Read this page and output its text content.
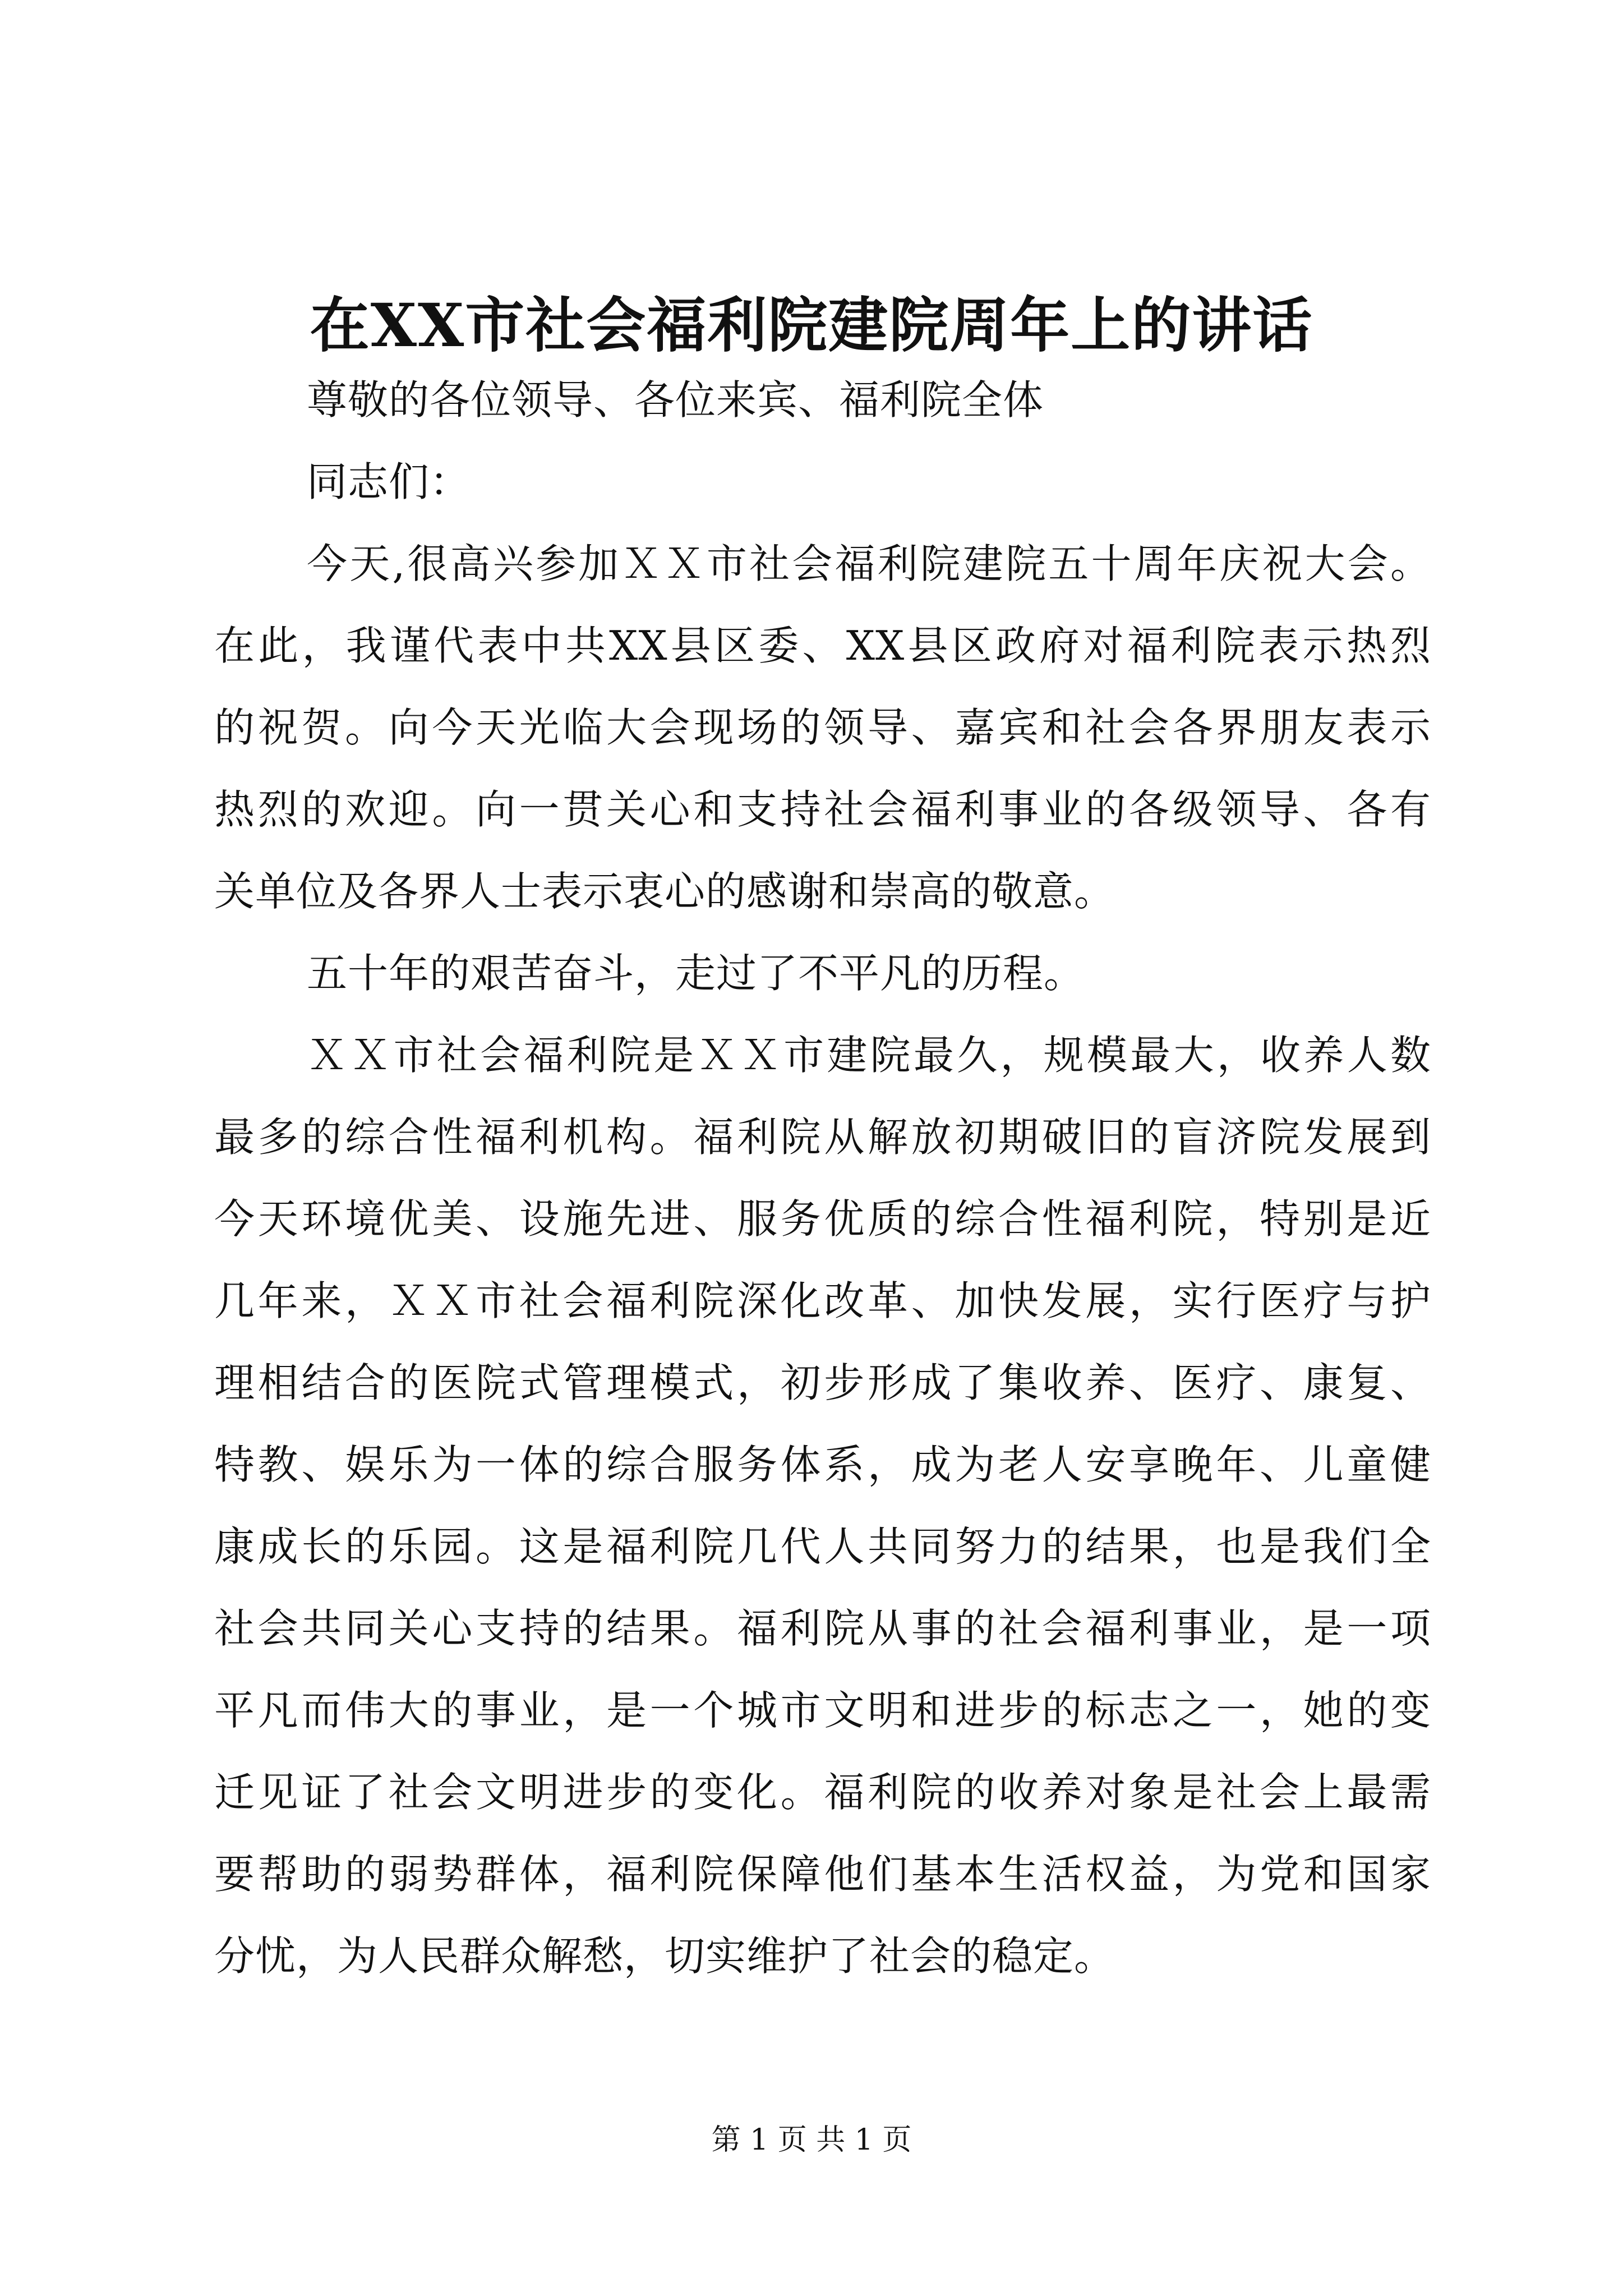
在XX市社会福利院建院周年上的讲话
尊敬的各位领导、各位来宾、福利院全体
同志们：
今天,很高兴参加ＸＸ市社会福利院建院五十周年庆祝大会。
在此，我谨代表中共XX县区委、XX县区政府对福利院表示热烈
的祝贺。向今天光临大会现场的领导、嘉宾和社会各界朋友表示
热烈的欢迎。向一贯关心和支持社会福利事业的各级领导、各有
关单位及各界人士表示衷心的感谢和崇高的敬意。
五十年的艰苦奋斗，走过了不平凡的历程。
ＸＸ市社会福利院是ＸＸ市建院最久，规模最大，收养人数
最多的综合性福利机构。福利院从解放初期破旧的盲济院发展到
今天环境优美、设施先进、服务优质的综合性福利院，特别是近
几年来，ＸＸ市社会福利院深化改革、加快发展，实行医疗与护
理相结合的医院式管理模式，初步形成了集收养、医疗、康复、
特教、娱乐为一体的综合服务体系，成为老人安享晚年、儿童健
康成长的乐园。这是福利院几代人共同努力的结果，也是我们全
社会共同关心支持的结果。福利院从事的社会福利事业，是一项
平凡而伟大的事业，是一个城市文明和进步的标志之一，她的变
迁见证了社会文明进步的变化。福利院的收养对象是社会上最需
要帮助的弱势群体，福利院保障他们基本生活权益，为党和国家
分忧，为人民群众解愁，切实维护了社会的稳定。
第 1 页 共 1 页
